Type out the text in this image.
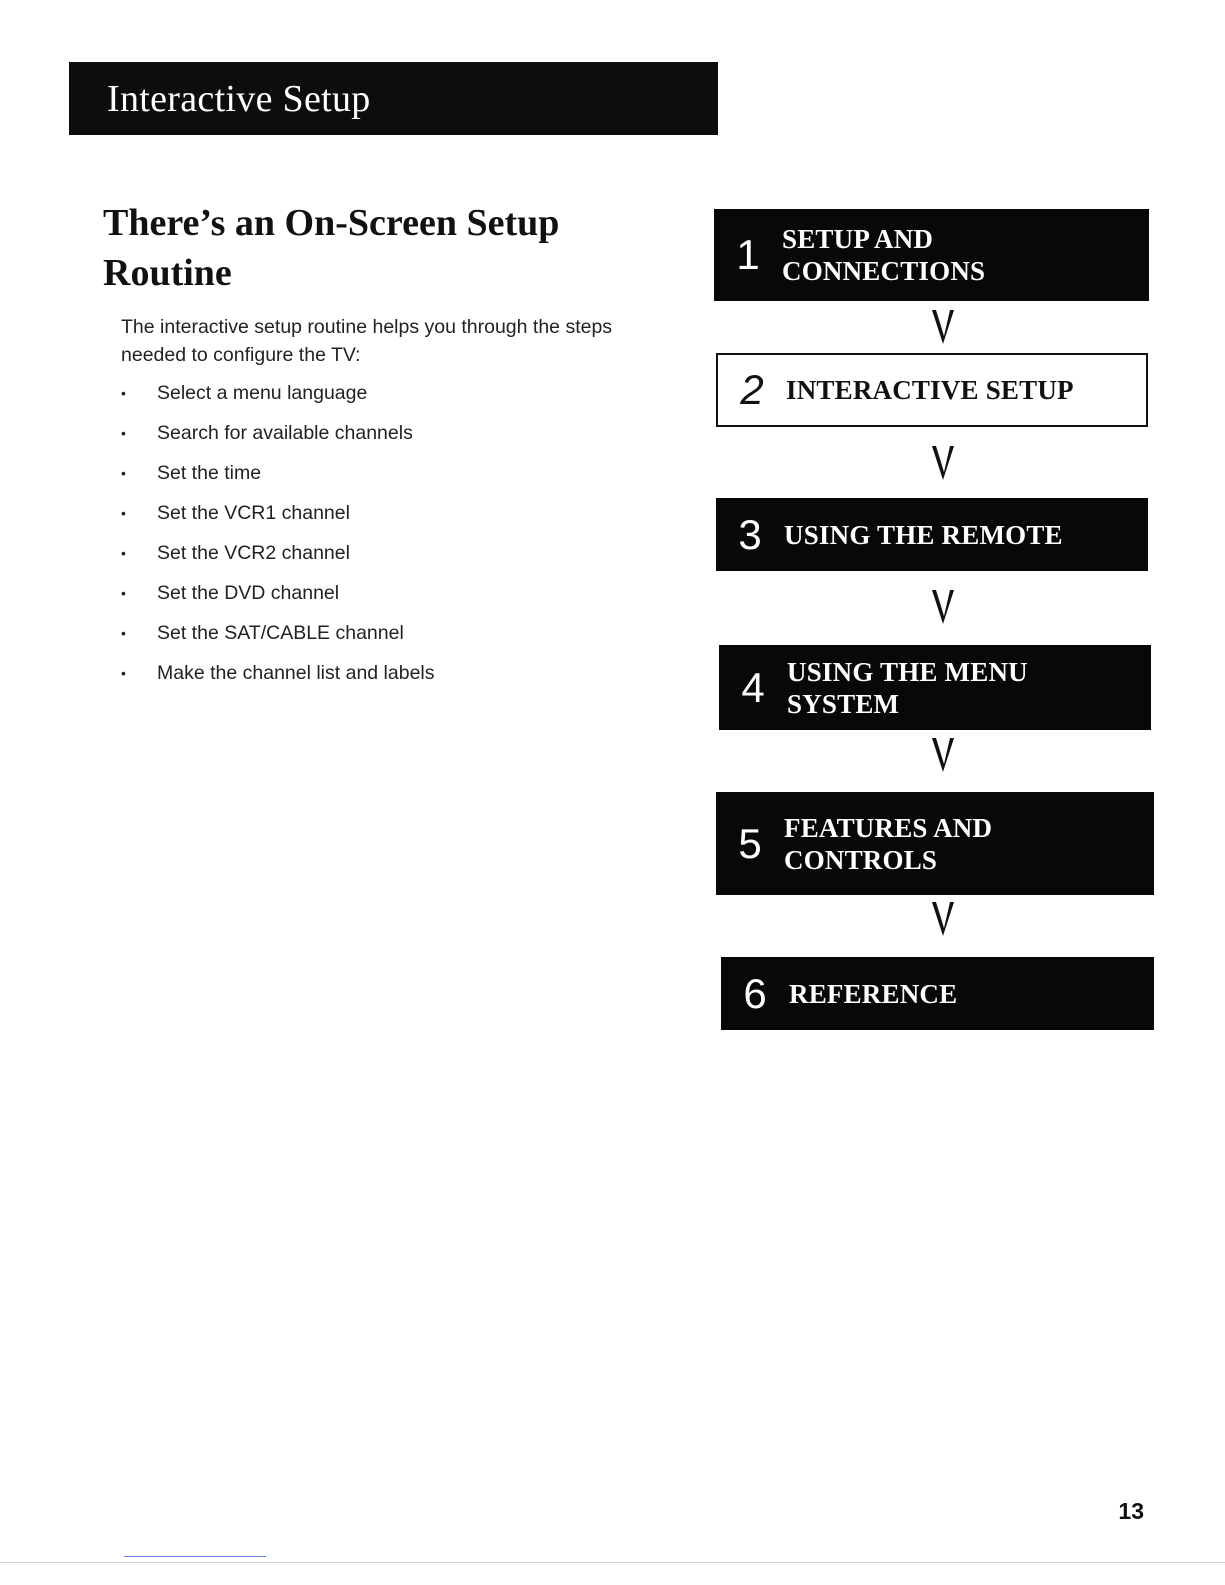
Interactive Setup
There’s an On-Screen Setup Routine

The interactive setup routine helps you through the steps needed to configure the TV:

• Select a menu language
• Search for available channels
• Set the time
• Set the VCR1 channel
• Set the VCR2 channel
• Set the DVD channel
• Set the SAT/CABLE channel
• Make the channel list and labels
1 SETUP AND CONNECTIONS
2 INTERACTIVE SETUP
3 USING THE REMOTE
4 USING THE MENU SYSTEM
5 FEATURES AND CONTROLS
6 REFERENCE
13
